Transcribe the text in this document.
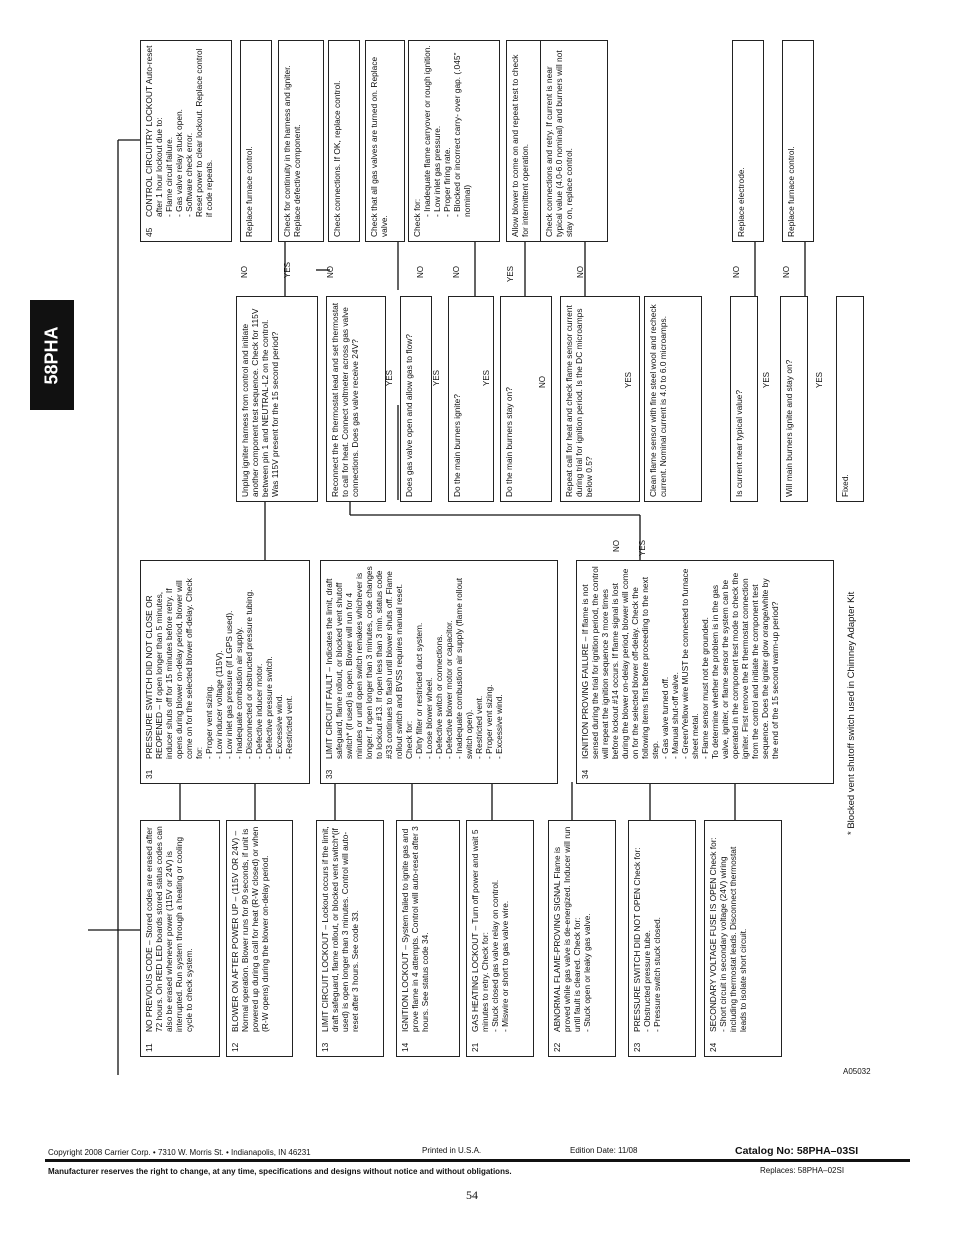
58PHA
11
NO PREVIOUS CODE – Stored codes are erased after 72 hours. On RED LED boards stored status codes can also be erased whenever power (115V or 24V) is interrupted. Run system through a heating or cooling cycle to check system.
12
BLOWER ON AFTER POWER UP – (115V OR 24V) – Normal operation. Blower runs for 90 seconds, if unit is powered up during a call for heat (R-W closed) or when (R-W opens) during the blower on-delay period.
13
LIMIT CIRCUIT LOCKOUT – Lockout occurs if the limit, draft safeguard, flame rollout, or blocked vent switch*(if used) is open longer than 3 minutes. Control will auto-reset after 3 hours. See code 33.
14
IGNITION LOCKOUT – System failed to ignite gas and prove flame in 4 attempts. Control will auto-reset after 3 hours. See status code 34.
21
GAS HEATING LOCKOUT – Turn off power and wait 5 minutes to retry. Check for: - Stuck closed gas valve relay on control. - Miswire or short to gas valve wire.
22
ABNORMAL FLAME-PROVING SIGNAL Flame is proved while gas valve is de-energized. Inducer will run until fault is cleared. Check for: - Stuck open or leaky gas valve.
23
PRESSURE SWITCH DID NOT OPEN Check for: - Obstructed pressure tube. - Pressure switch stuck closed.
24
SECONDARY VOLTAGE FUSE IS OPEN Check for: - Short circuit in secondary voltage (24V) wiring including thermostat leads. Disconnect thermostat leads to isolate short circuit.
31
PRESSURE SWITCH DID NOT CLOSE OR REOPENED – If open longer than 5 minutes, inducer shuts off for 15 minutes before retry. If opens during blower on-delay period, blower will come on for the selected blower off-delay. Check for: - Proper vent sizing. - Low inducer voltage (115V). - Low inlet gas pressure (if LGPS used). - Inadequate combustion air supply. - Disconnected or obstructed pressure tubing. - Defective inducer motor. - Defective pressure switch. - Excessive wind. - Restricted vent.
33
LIMIT CIRCUIT FAULT – Indicates the limit, draft safeguard, flame rollout, or blocked vent shutoff switch* (if used) is open. Blower will run for 4 minutes or until open switch remakes whichever is longer. If open longer than 3 minutes, code changes to lockout #13. If open less than 3 min. status code #33 continues to flash until blower shuts off. Flame rollout switch and BVSS requires manual reset. Check for: - Dirty filter or restricted duct system. - Loose blower wheel. - Defective switch or connections. - Defective blower motor or capacitor. - Inadequate combustion air supply (flame rollout switch open). - Restricted vent. - Proper vent sizing. - Excessive wind.
34
IGNITION PROVING FAILURE – If flame is not sensed during the trial for ignition period, the control will repeat the ignition sequence 3 more times before lockout #14 occurs. If flame signal is lost during the blower on-delay period, blower will come on for the selected blower off-delay. Check the following items first before proceeding to the next step. - Gas valve turned off. - Manual shut-off valve. - Green/Yellow wire MUST be connected to furnace sheet metal. - Flame sensor must not be grounded. To determine whether the problem is in the gas valve, igniter, or flame sensor the system can be operated in the component test mode to check the igniter. First remove the R thermostat connection from the control and initiate the component test sequence. Does the igniter glow orange/white by the end of the 15 second warm-up period?
Unplug igniter harness from control and initiate another component test sequence. Check for 115V between pin 1 and NEUTRAL-L2 on the control. Was 115V present for the 15 second period?	Reconnect the R thermostat lead and set thermostat to call for heat. Connect voltmeter across gas valve connections. Does gas valve receive 24V?	Does gas valve open and allow gas to flow?	Do the main burners ignite?	Do the main burners stay on?	Repeat call for heat and check flame sensor current during trial for ignition period. Is the DC microamps below 0.5?	Clean flame sensor with fine steel wool and recheck current. Nominal current is 4.0 to 6.0 microamps.	Is current near typical value?	Will main burners ignite and stay on?	Fixed.
45
CONTROL CIRCUITRY LOCKOUT Auto-reset after 1 hour lockout due to: - Flame circuit failure. - Gas valve relay stuck open. - Software check error. Reset power to clear lockout. Replace control if code repeats.	Replace furnace control.	Check for continuity in the harness and igniter. Replace defective component.	Check connections. If OK, replace control.	Check that all gas valves are turned on. Replace valve.	Check for:
- Inadequate flame carryover or rough ignition. - Low inlet gas pressure. - Proper firing rate. - Blocked or incorrect carry- over gap. (.045" nominal)	Allow blower to come on and repeat test to check for intermittent operation. Check connections and retry. If current is near typical value (4.0-6.0 nominal) and burners will not stay on, replace control.	Replace electrode.	Replace furnace control.
NO	YES	NO
YES
NO
YES
NO
YES
YES
NO
NO
YES
NO YES
NO
YES
NO
YES
* Blocked vent shutoff switch used in Chimney Adapter Kit
A05032
Copyright 2008 Carrier Corp. • 7310 W. Morris St. • Indianapolis, IN 46231	Printed in U.S.A.	Edition Date: 11/08	Catalog No: 58PHA–03SI
Manufacturer reserves the right to change, at any time, specifications and designs without notice and without obligations.	Replaces: 58PHA–02SI
54
